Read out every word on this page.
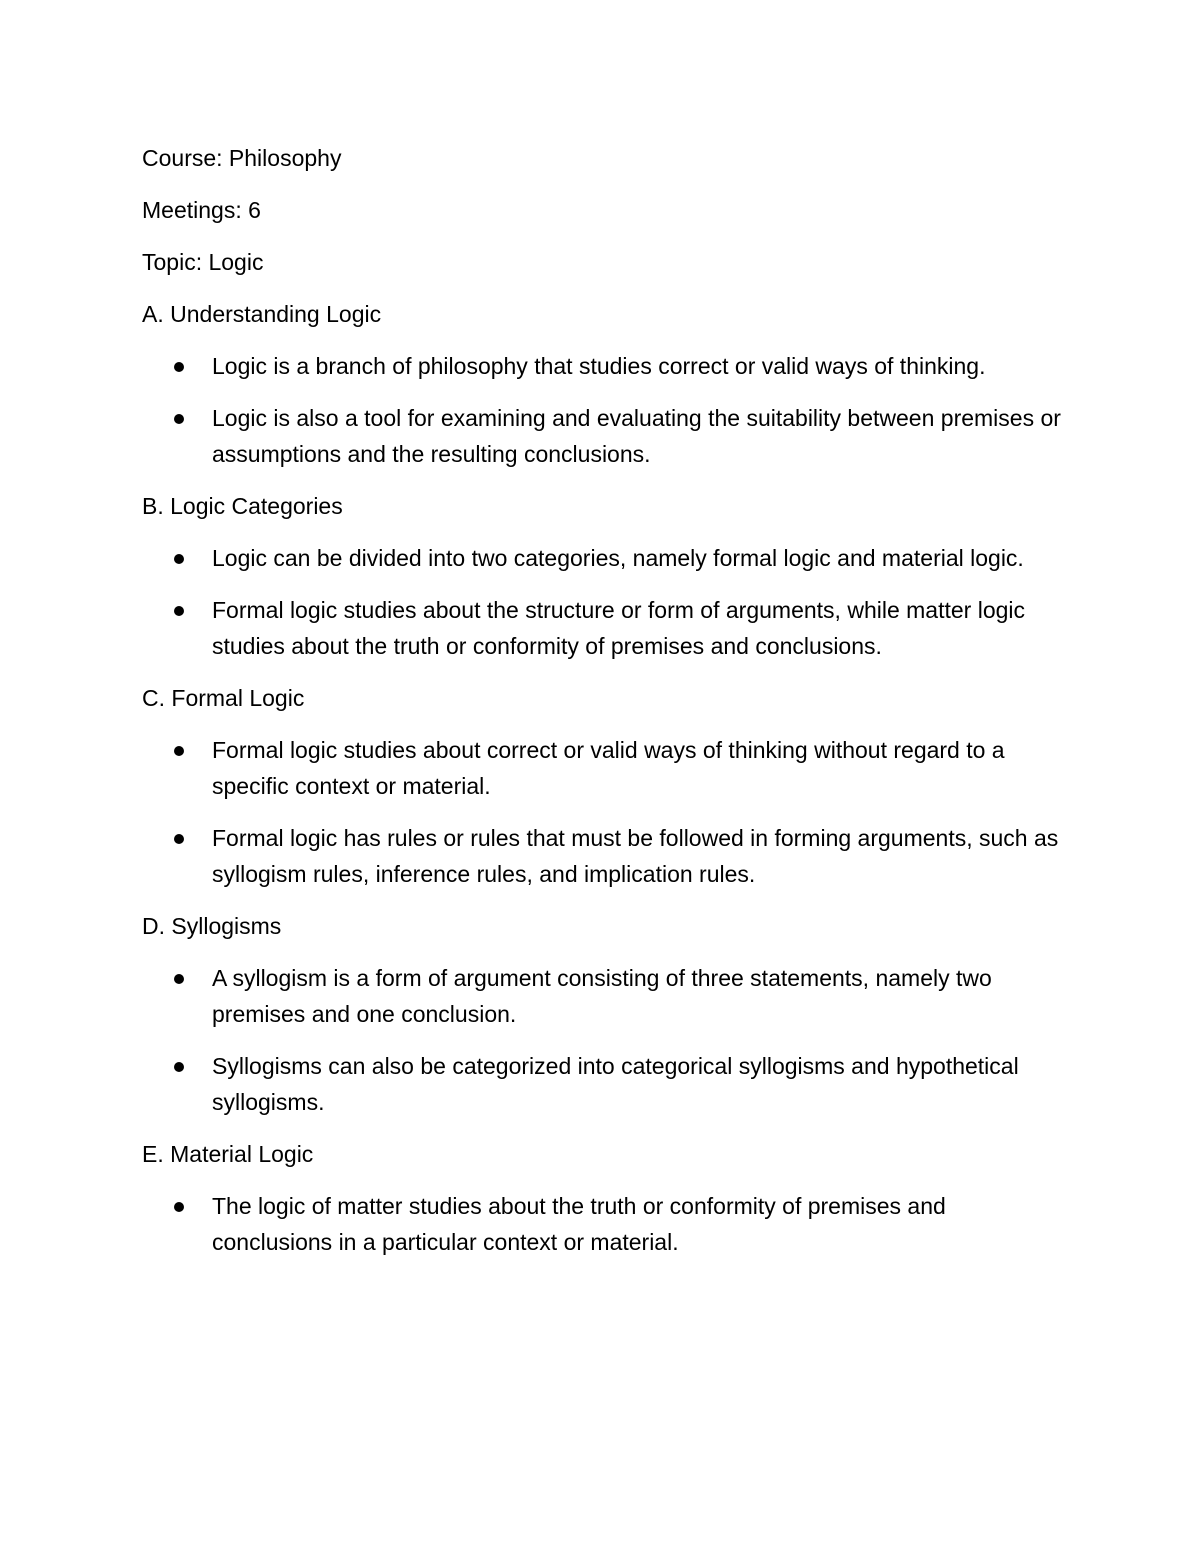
Course: Philosophy

Meetings: 6

Topic: Logic

A. Understanding Logic

Logic is a branch of philosophy that studies correct or valid ways of thinking.
Logic is also a tool for examining and evaluating the suitability between premises or assumptions and the resulting conclusions.

B. Logic Categories

Logic can be divided into two categories, namely formal logic and material logic.
Formal logic studies about the structure or form of arguments, while matter logic studies about the truth or conformity of premises and conclusions.

C. Formal Logic

Formal logic studies about correct or valid ways of thinking without regard to a specific context or material.
Formal logic has rules or rules that must be followed in forming arguments, such as syllogism rules, inference rules, and implication rules.

D. Syllogisms

A syllogism is a form of argument consisting of three statements, namely two premises and one conclusion.
Syllogisms can also be categorized into categorical syllogisms and hypothetical syllogisms.

E. Material Logic

The logic of matter studies about the truth or conformity of premises and conclusions in a particular context or material.
